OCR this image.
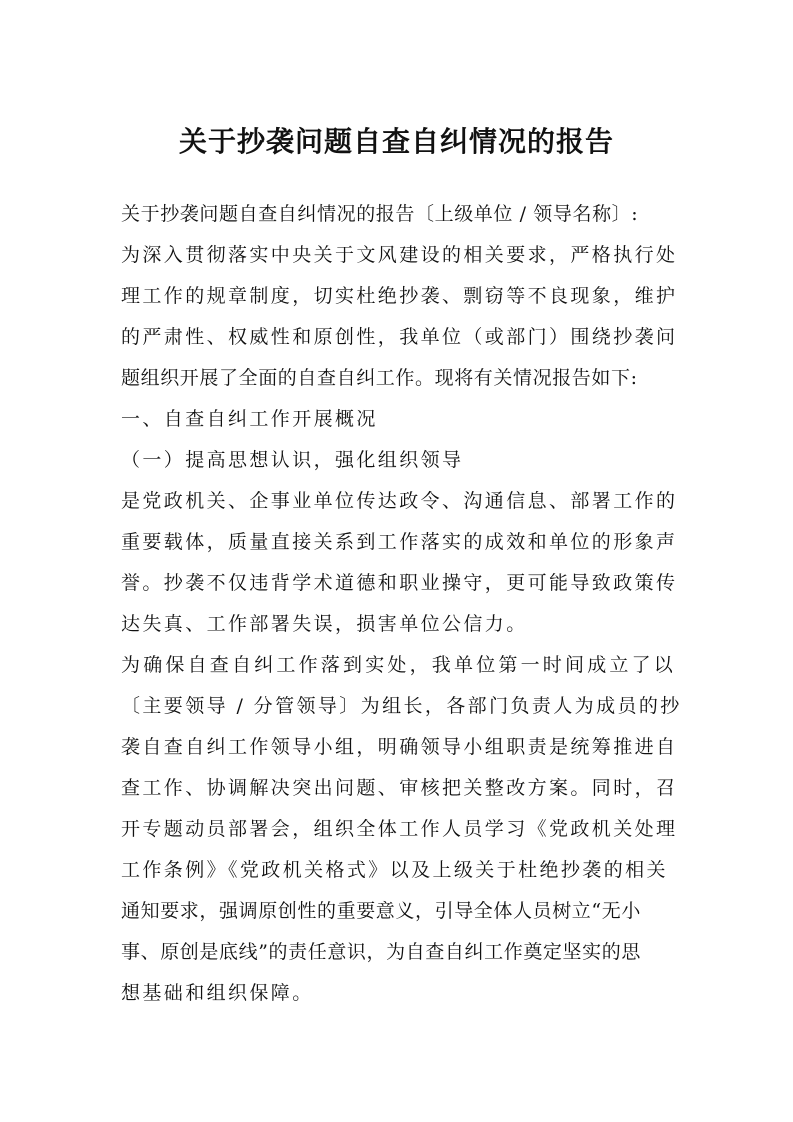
关于抄袭问题自查自纠情况的报告
关于抄袭问题自查自纠情况的报告〔上级单位 / 领导名称〕:
为深入贯彻落实中央关于文风建设的相关要求，严格执行处
理工作的规章制度，切实杜绝抄袭、剽窃等不良现象，维护
的严肃性、权威性和原创性，我单位（或部门）围绕抄袭问
题组织开展了全面的自查自纠工作。现将有关情况报告如下:
一、自查自纠工作开展概况
（一）提高思想认识，强化组织领导
是党政机关、企事业单位传达政令、沟通信息、部署工作的
重要载体，质量直接关系到工作落实的成效和单位的形象声
誉。抄袭不仅违背学术道德和职业操守，更可能导致政策传
达失真、工作部署失误，损害单位公信力。
为确保自查自纠工作落到实处，我单位第一时间成立了以
〔主要领导 / 分管领导〕为组长，各部门负责人为成员的抄
袭自查自纠工作领导小组，明确领导小组职责是统筹推进自
查工作、协调解决突出问题、审核把关整改方案。同时，召
开专题动员部署会，组织全体工作人员学习《党政机关处理
工作条例》《党政机关格式》以及上级关于杜绝抄袭的相关
通知要求，强调原创性的重要意义，引导全体人员树立“无小
事、原创是底线”的责任意识，为自查自纠工作奠定坚实的思
想基础和组织保障。
